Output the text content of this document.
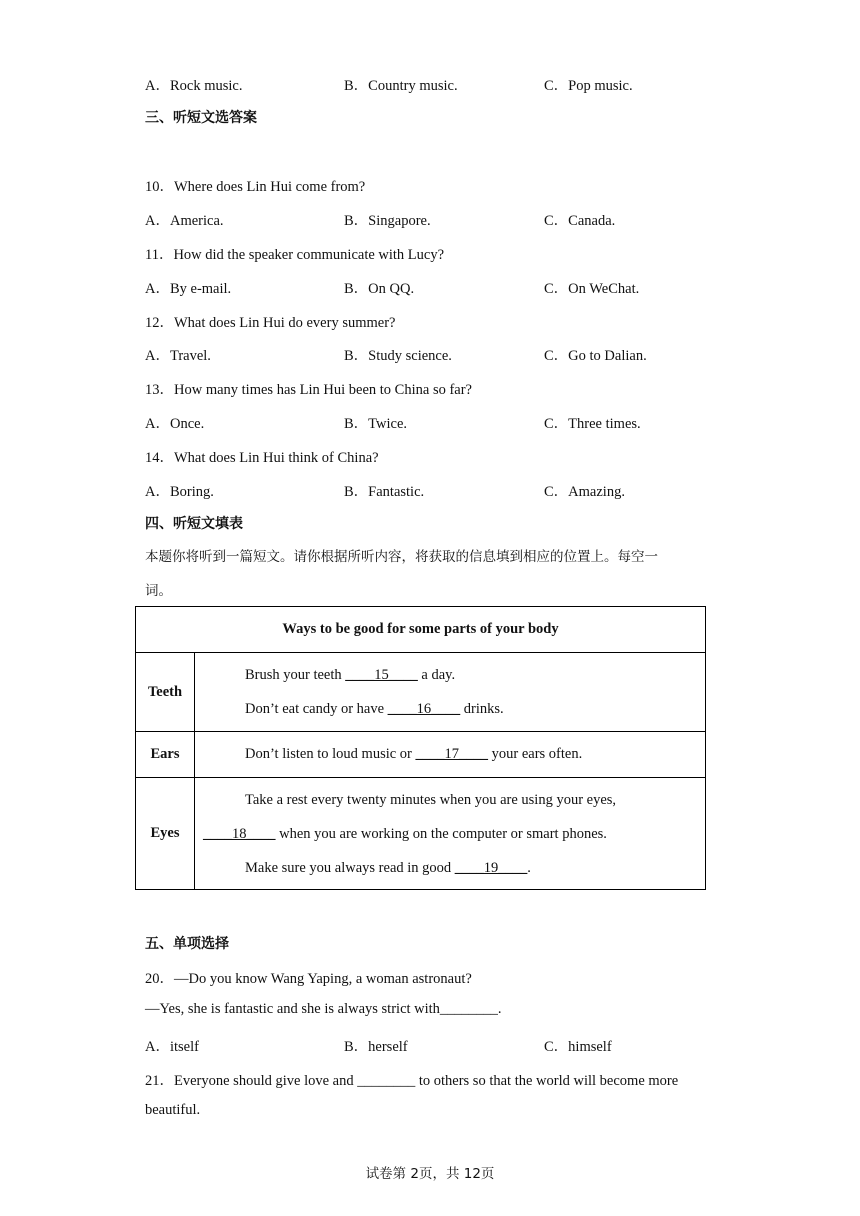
A．Rock music.	B．Country music.	C．Pop music.
三、听短文选答案
10．Where does Lin Hui come from?
A．America.	B．Singapore.	C．Canada.
11．How did the speaker communicate with Lucy?
A．By e-mail.	B．On QQ.	C．On WeChat.
12．What does Lin Hui do every summer?
A．Travel.	B．Study science.	C．Go to Dalian.
13．How many times has Lin Hui been to China so far?
A．Once.	B．Twice.	C．Three times.
14．What does Lin Hui think of China?
A．Boring.	B．Fantastic.	C．Amazing.
四、听短文填表
本题你将听到一篇短文。请你根据所听内容，将获取的信息填到相应的位置上。每空一
词。
Ways to be good for some parts of your body	
Teeth	Brush your teeth ____15____ a day.
Don’t eat candy or have ____16____ drinks.

Ears	Don’t listen to loud music or ____17____ your ears often.

Eyes	Take a rest every twenty minutes when you are using your eyes,
____18____ when you are working on the computer or smart phones.
Make sure you always read in good ____19____.
五、单项选择
20．—Do you know Wang Yaping, a woman astronaut?
—Yes, she is fantastic and she is always strict with________.
A．itself	B．herself	C．himself
21．Everyone should give love and ________ to others so that the world will become more
beautiful.
试卷第 2页，共 12页
